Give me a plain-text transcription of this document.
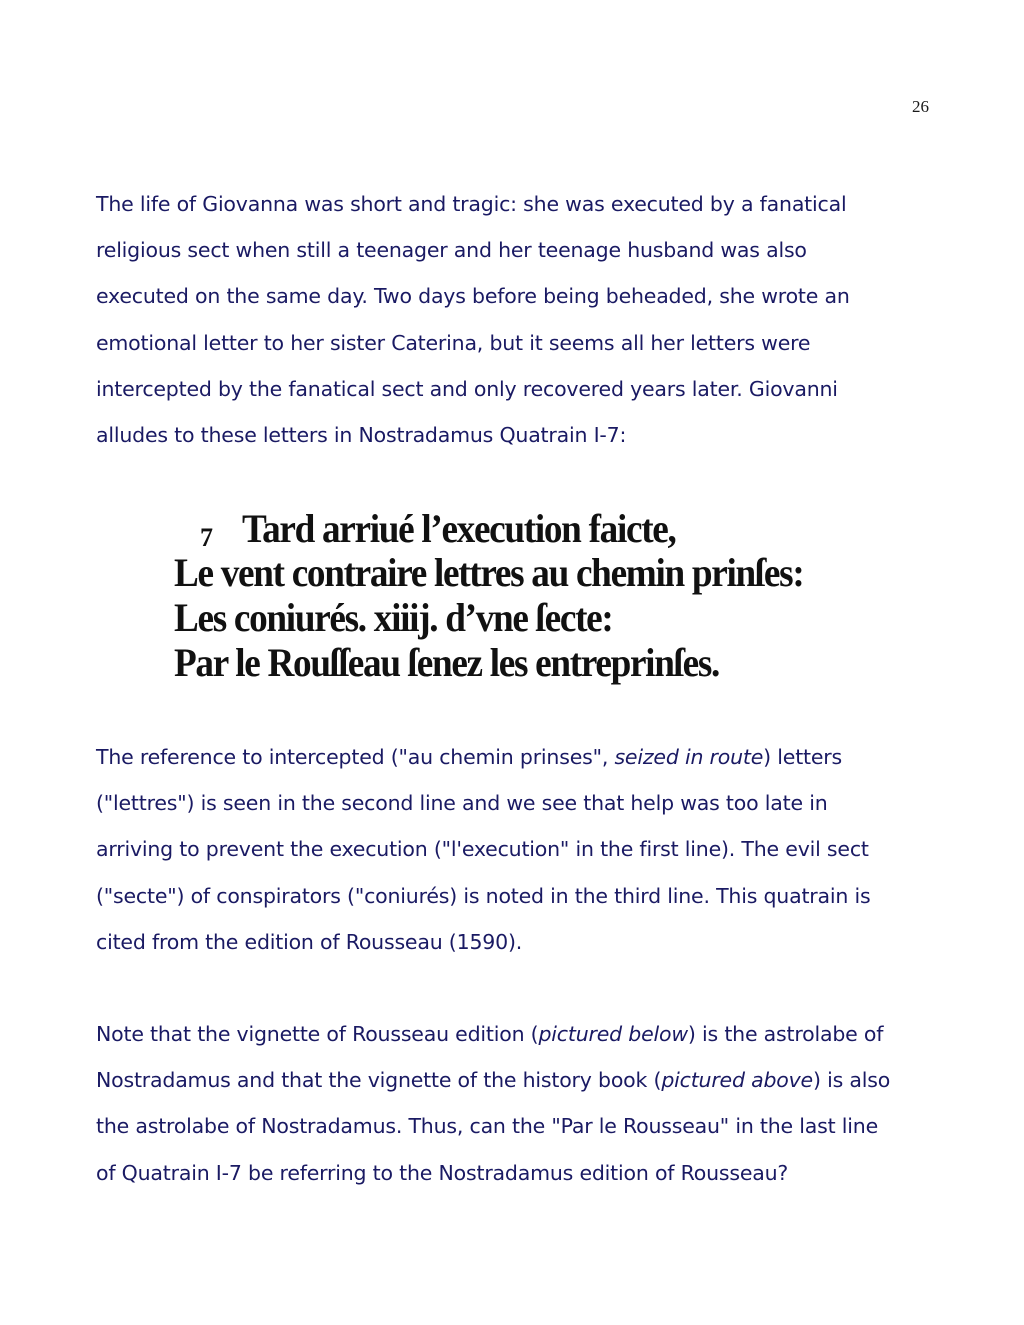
26

The life of Giovanna was short and tragic: she was executed by a fanatical
religious sect when still a teenager and her teenage husband was also
executed on the same day. Two days before being beheaded, she wrote an
emotional letter to her sister Caterina, but it seems all her letters were
intercepted by the fanatical sect and only recovered years later. Giovanni
alludes to these letters in Nostradamus Quatrain I-7:

7 Tard arriué l’execution faicte,
Le vent contraire lettres au chemin prinſes:
Les coniurés. xiiij. d’vne ſecte:
Par le Rouſſeau ſenez les entreprinſes.

The reference to intercepted ("au chemin prinses", seized in route) letters
("lettres") is seen in the second line and we see that help was too late in
arriving to prevent the execution ("l'execution" in the first line). The evil sect
("secte") of conspirators ("coniurés) is noted in the third line. This quatrain is
cited from the edition of Rousseau (1590).

Note that the vignette of Rousseau edition (pictured below) is the astrolabe of
Nostradamus and that the vignette of the history book (pictured above) is also
the astrolabe of Nostradamus. Thus, can the "Par le Rousseau" in the last line
of Quatrain I-7 be referring to the Nostradamus edition of Rousseau?
